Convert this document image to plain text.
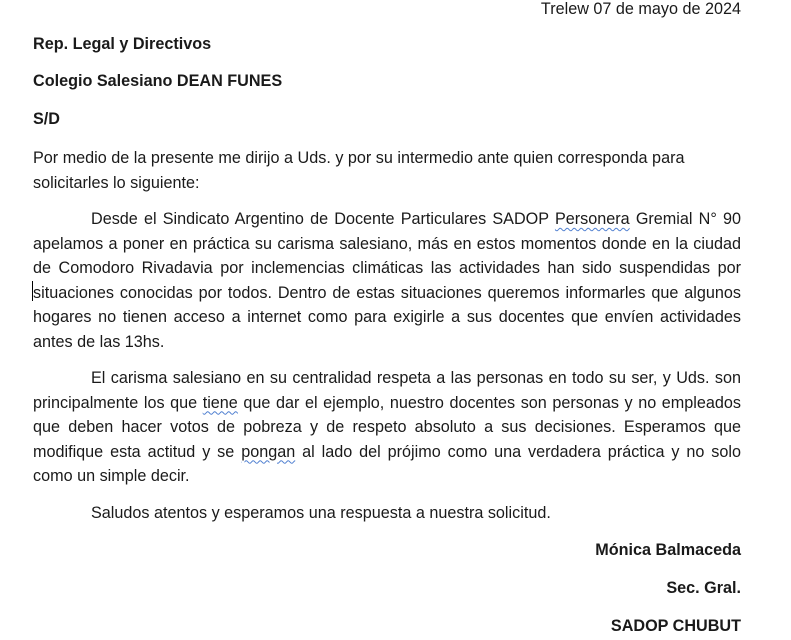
Trelew 07 de mayo de 2024
Rep. Legal y Directivos
Colegio Salesiano DEAN FUNES
S/D
Por medio de la presente me dirijo a Uds. y por su intermedio ante quien corresponda para solicitarles lo siguiente:
Desde el Sindicato Argentino de Docente Particulares SADOP Personera Gremial N° 90 apelamos a poner en práctica su carisma salesiano, más en estos momentos donde en la ciudad de Comodoro Rivadavia por inclemencias climáticas las actividades han sido suspendidas por situaciones conocidas por todos. Dentro de estas situaciones queremos informarles que algunos hogares no tienen acceso a internet como para exigirle a sus docentes que envíen actividades antes de las 13hs.
El carisma salesiano en su centralidad respeta a las personas en todo su ser, y Uds. son principalmente los que tiene que dar el ejemplo, nuestro docentes son personas y no empleados que deben hacer votos de pobreza y de respeto absoluto a sus decisiones. Esperamos que modifique esta actitud y se pongan al lado del prójimo como una verdadera práctica y no solo como un simple decir.
Saludos atentos y esperamos una respuesta a nuestra solicitud.
Mónica Balmaceda
Sec. Gral.
SADOP CHUBUT
